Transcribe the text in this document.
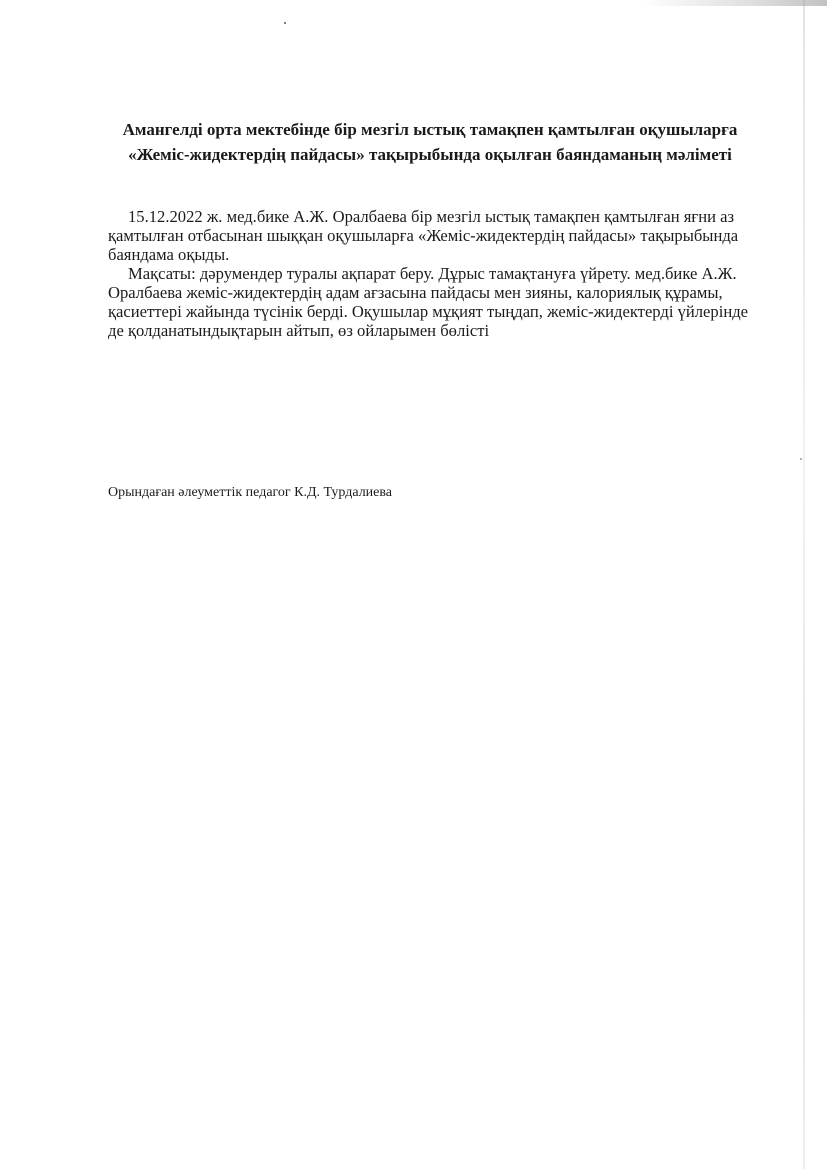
Амангелді орта мектебінде бір мезгіл ыстық тамақпен қамтылған оқушыларға «Жеміс-жидектердің пайдасы» тақырыбында оқылған баяндаманың мәліметі

15.12.2022 ж. мед.бике А.Ж. Оралбаева бір мезгіл ыстық тамақпен қамтылған яғни аз қамтылған отбасынан шыққан оқушыларға «Жеміс-жидектердің пайдасы» тақырыбында баяндама оқыды.

Мақсаты: дәрумендер туралы ақпарат беру. Дұрыс тамақтануға үйрету. мед.бике А.Ж. Оралбаева жеміс-жидектердің адам ағзасына пайдасы мен зияны, калориялық құрамы, қасиеттері жайында түсінік берді. Оқушылар мұқият тыңдап, жеміс-жидектерді үйлерінде де қолданатындықтарын айтып, өз ойларымен бөлісті

Орындаған әлеуметтік педагог К.Д. Турдалиева
